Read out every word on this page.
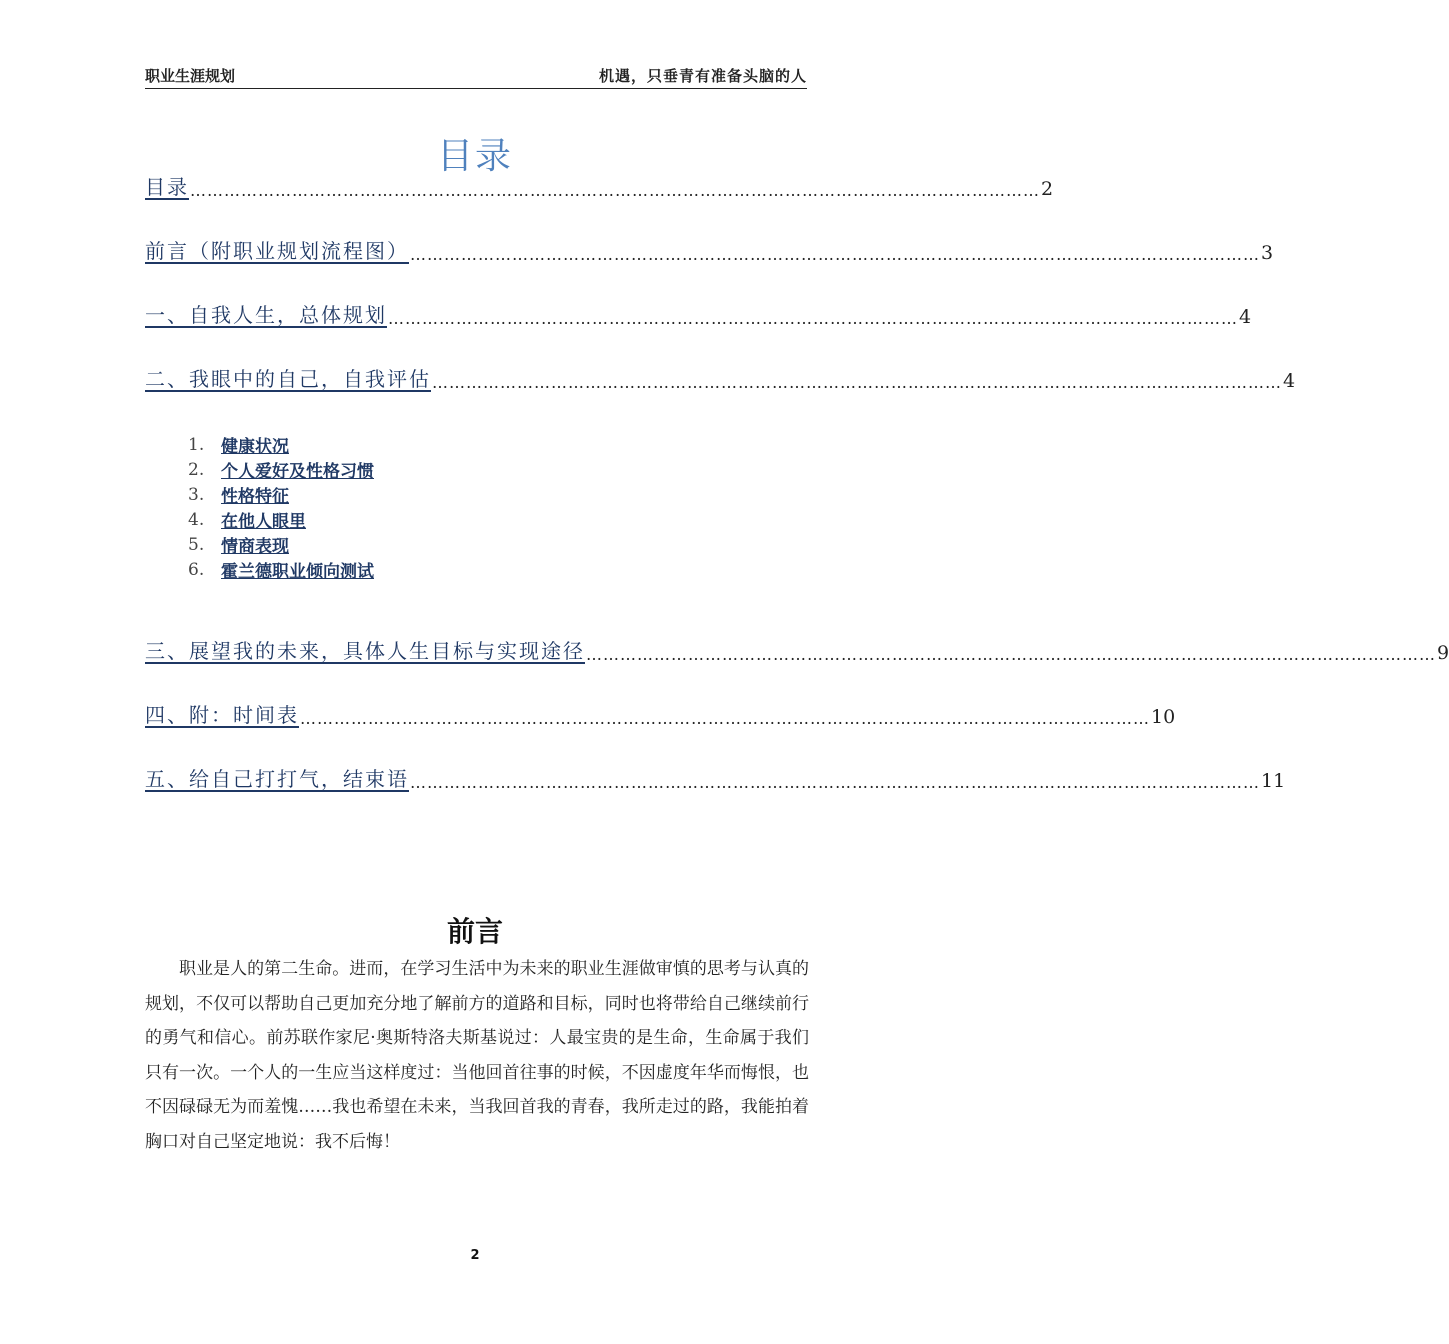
职业生涯规划	机遇，只垂青有准备头脑的人
目录
目录 …………………………………………………………………………………………………………………………………… 2
前言（附职业规划流程图） …………………………………………………………………………………………………………………………………… 3
一、自我人生，总体规划 …………………………………………………………………………………………………………………………………… 4
二、我眼中的自己，自我评估 …………………………………………………………………………………………………………………………………… 4
1. 健康状况
2. 个人爱好及性格习惯
3. 性格特征
4. 在他人眼里
5. 情商表现
6. 霍兰德职业倾向测试
三、展望我的未来，具体人生目标与实现途径 …………………………………………………………………………………………………………………………………… 9
四、附：时间表 …………………………………………………………………………………………………………………………………… 10
五、给自己打打气，结束语 …………………………………………………………………………………………………………………………………… 11
前言
职业是人的第二生命。进而，在学习生活中为未来的职业生涯做审慎的思考与认真的规划，不仅可以帮助自己更加充分地了解前方的道路和目标，同时也将带给自己继续前行的勇气和信心。前苏联作家尼·奥斯特洛夫斯基说过：人最宝贵的是生命，生命属于我们只有一次。一个人的一生应当这样度过：当他回首往事的时候，不因虚度年华而悔恨，也不因碌碌无为而羞愧……我也希望在未来，当我回首我的青春，我所走过的路，我能拍着胸口对自己坚定地说：我不后悔！
2
